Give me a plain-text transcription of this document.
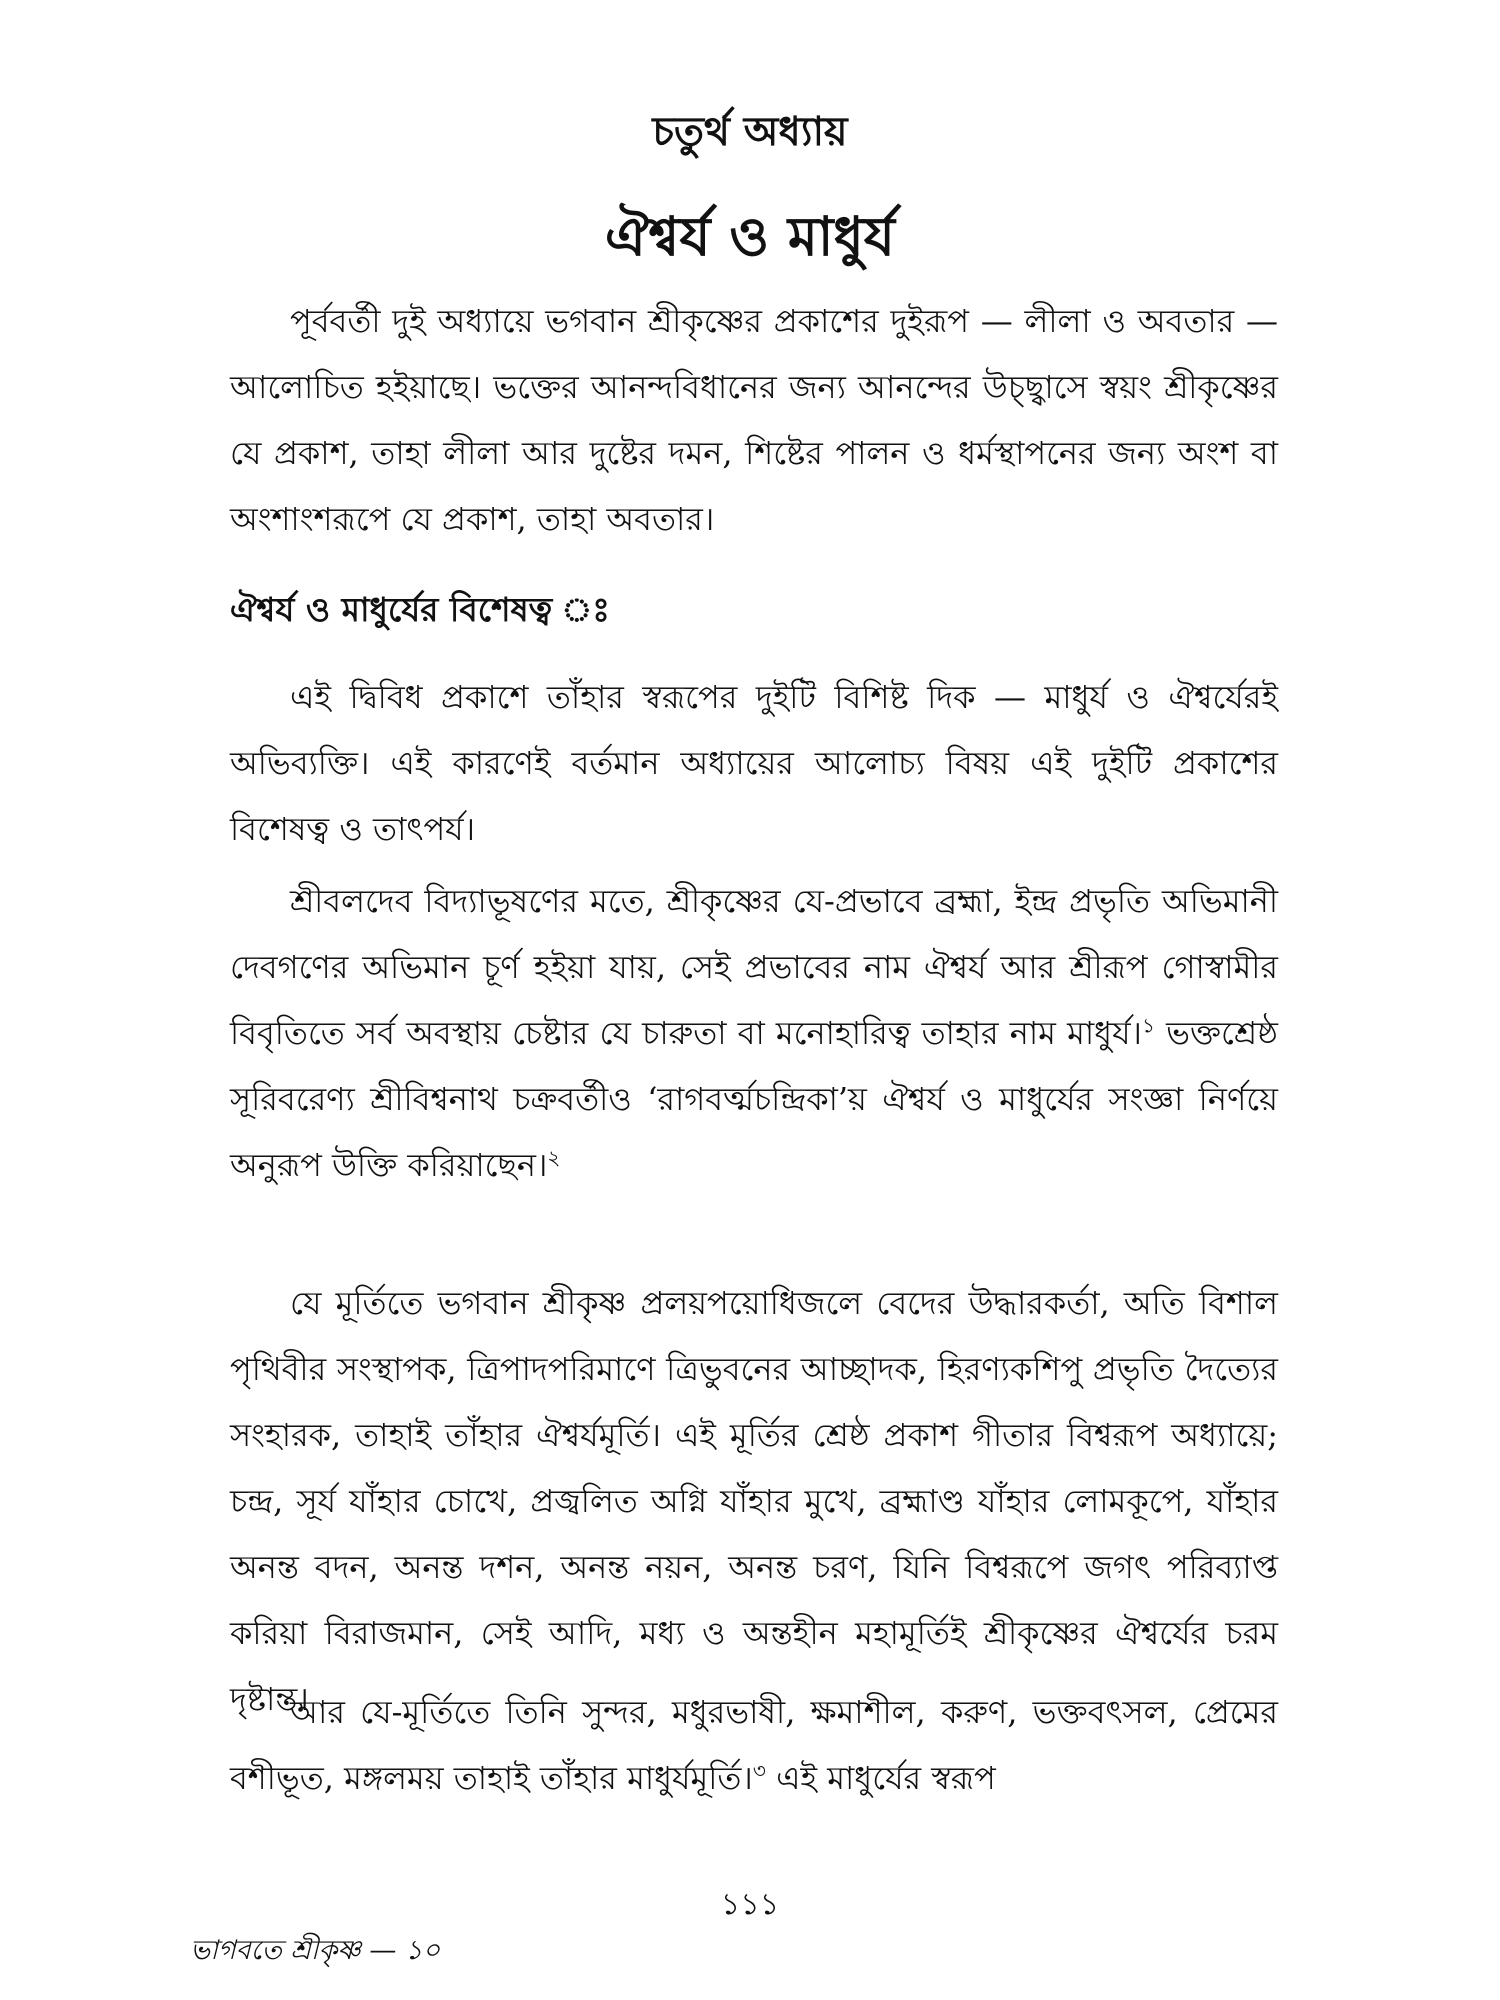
চতুর্থ অধ্যায়
ঐশ্বর্য ও মাধুর্য

পূর্ববর্তী দুই অধ্যায়ে ভগবান শ্রীকৃষ্ণের প্রকাশের দুইরূপ — লীলা ও অবতার — আলোচিত হইয়াছে। ভক্তের আনন্দবিধানের জন্য আনন্দের উচ্ছ্বাসে স্বয়ং শ্রীকৃষ্ণের যে প্রকাশ, তাহা লীলা আর দুষ্টের দমন, শিষ্টের পালন ও ধর্মস্থাপনের জন্য অংশ বা অংশাংশরূপে যে প্রকাশ, তাহা অবতার।

ঐশ্বর্য ও মাধুর্যের বিশেষত্ব ঃ

এই দ্বিবিধ প্রকাশে তাঁহার স্বরূপের দুইটি বিশিষ্ট দিক — মাধুর্য ও ঐশ্বর্যেরই অভিব্যক্তি। এই কারণেই বর্তমান অধ্যায়ের আলোচ্য বিষয় এই দুইটি প্রকাশের বিশেষত্ব ও তাৎপর্য।

শ্রীবলদেব বিদ্যাভূষণের মতে, শ্রীকৃষ্ণের যে-প্রভাবে ব্রহ্মা, ইন্দ্র প্রভৃতি অভিমানী দেবগণের অভিমান চূর্ণ হইয়া যায়, সেই প্রভাবের নাম ঐশ্বর্য আর শ্রীরূপ গোস্বামীর বিবৃতিতে সর্ব অবস্থায় চেষ্টার যে চারুতা বা মনোহারিত্ব তাহার নাম মাধুর্য।$^১$ ভক্তশ্রেষ্ঠ সূরিবরেণ্য শ্রীবিশ্বনাথ চক্রবর্তীও ‘রাগবর্ত্মচন্দ্রিকা’য় ঐশ্বর্য ও মাধুর্যের সংজ্ঞা নির্ণয়ে অনুরূপ উক্তি করিয়াছেন।$^২$

যে মূর্তিতে ভগবান শ্রীকৃষ্ণ প্রলয়পয়োধিজলে বেদের উদ্ধারকর্তা, অতি বিশাল পৃথিবীর সংস্থাপক, ত্রিপাদপরিমাণে ত্রিভুবনের আচ্ছাদক, হিরণ্যকশিপু প্রভৃতি দৈত্যের সংহারক, তাহাই তাঁহার ঐশ্বর্যমূর্তি। এই মূর্তির শ্রেষ্ঠ প্রকাশ গীতার বিশ্বরূপ অধ্যায়ে; চন্দ্র, সূর্য যাঁহার চোখে, প্রজ্বলিত অগ্নি যাঁহার মুখে, ব্রহ্মাণ্ড যাঁহার লোমকূপে, যাঁহার অনন্ত বদন, অনন্ত দশন, অনন্ত নয়ন, অনন্ত চরণ, যিনি বিশ্বরূপে জগৎ পরিব্যাপ্ত করিয়া বিরাজমান, সেই আদি, মধ্য ও অন্তহীন মহামূর্তিই শ্রীকৃষ্ণের ঐশ্বর্যের চরম দৃষ্টান্ত।

আর যে-মূর্তিতে তিনি সুন্দর, মধুরভাষী, ক্ষমাশীল, করুণ, ভক্তবৎসল, প্রেমের বশীভূত, মঙ্গলময় তাহাই তাঁহার মাধুর্যমূর্তি।$^৩$ এই মাধুর্যের স্বরূপ

১১১
ভাগবতে শ্রীকৃষ্ণ — ১০
